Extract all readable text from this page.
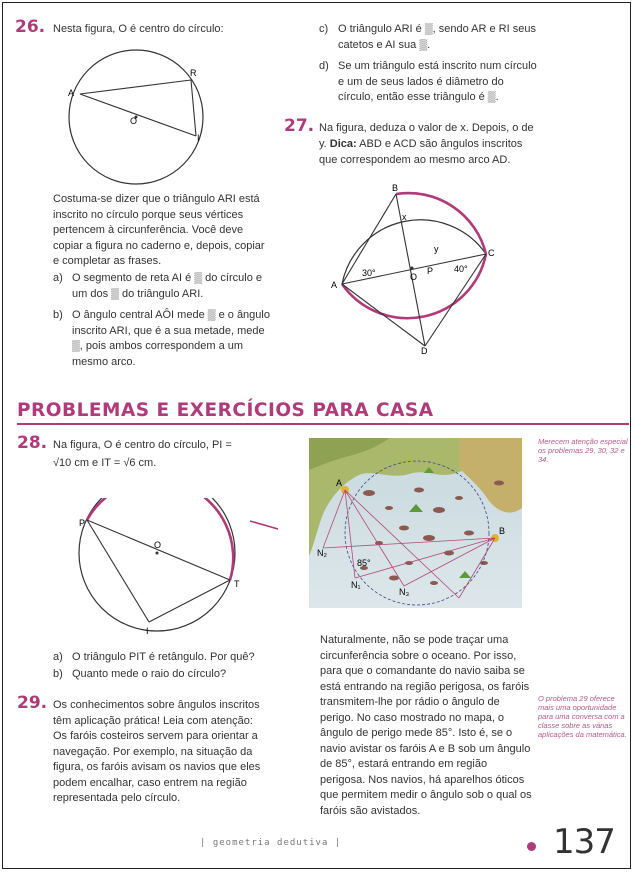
26. Nesta figura, O é centro do círculo:
A
R
O
I
Costuma-se dizer que o triângulo ARI está inscrito no círculo porque seus vértices pertencem à circunferência. Você deve copiar a figura no caderno e, depois, copiar e completar as frases.
a) O segmento de reta AI é ▒ do círculo e um dos ▒ do triângulo ARI.
b) O ângulo central AÔI mede ▒ e o ângulo inscrito ARI, que é a sua metade, mede ▒, pois ambos correspondem a um mesmo arco.
c) O triângulo ARI é ▒, sendo AR e RI seus catetos e AI sua ▒.
d) Se um triângulo está inscrito num círculo e um de seus lados é diâmetro do círculo, então esse triângulo é ▒.
27. Na figura, deduza o valor de x. Depois, o de
y. Dica: ABD e ACD são ângulos inscritos
que correspondem ao mesmo arco AD.
B
x
y
A
30°	O
P 40°
C
D
PROBLEMAS E EXERCÍCIOS PARA CASA
28. Na figura, O é centro do círculo, PI =
√10 cm e IT = √6 cm.
P
O
T
I
a) O triângulo PIT é retângulo. Por quê?
b) Quanto mede o raio do círculo?
A
B
N₂
N₁
N₃
85°
Merecem atenção especial os problemas 29, 30, 32 e 34.
29. Os conhecimentos sobre ângulos inscritos têm aplicação prática! Leia com atenção: Os faróis costeiros servem para orientar a navegação. Por exemplo, na situação da figura, os faróis avisam os navios que eles podem encalhar, caso entrem na região representada pelo círculo.
Naturalmente, não se pode traçar uma circunferência sobre o oceano. Por isso, para que o comandante do navio saiba se está entrando na região perigosa, os faróis transmitem-lhe por rádio o ângulo de perigo. No caso mostrado no mapa, o ângulo de perigo mede 85°. Isto é, se o navio avistar os faróis A e B sob um ângulo de 85°, estará entrando em região perigosa. Nos navios, há aparelhos óticos que permitem medir o ângulo sob o qual os faróis são avistados.
O problema 29 oferece mais uma oportunidade para uma conversa com a classe sobre as várias aplicações da matemática.
| geometria dedutiva |	137
